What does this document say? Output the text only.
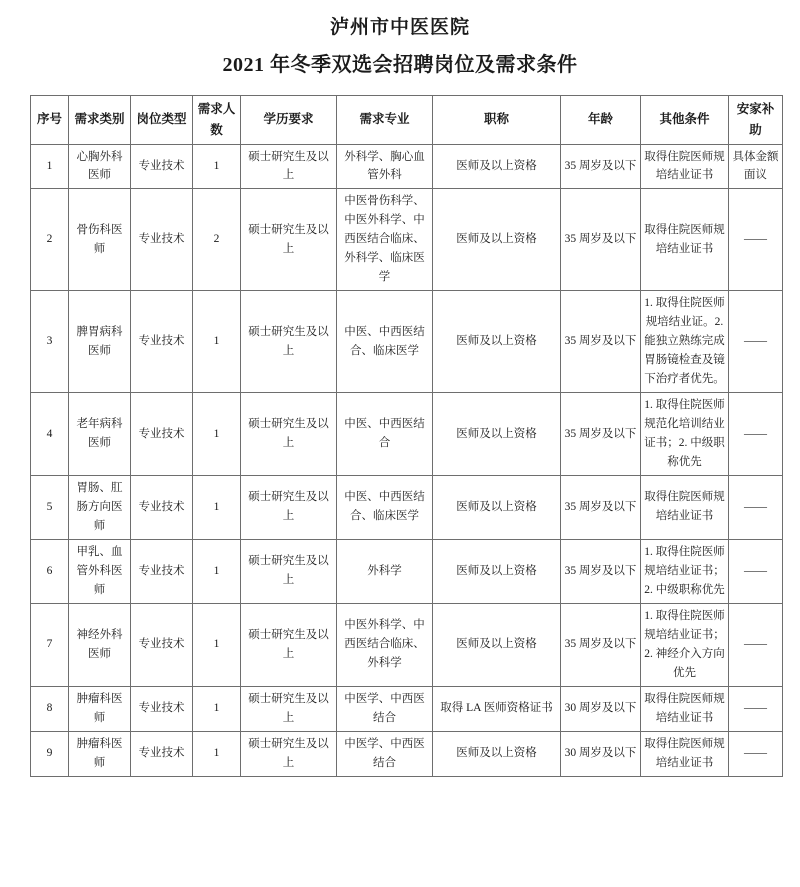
泸州市中医医院
2021 年冬季双选会招聘岗位及需求条件
序号	需求类别	岗位类型	需求人数	学历要求	需求专业	职称	年龄	其他条件	安家补助
1	心胸外科医师	专业技术	1	硕士研究生及以上	外科学、胸心血管外科	医师及以上资格	35 周岁及以下	取得住院医师规培结业证书	具体金额面议
2	骨伤科医师	专业技术	2	硕士研究生及以上	中医骨伤科学、中医外科学、中西医结合临床、外科学、临床医学	医师及以上资格	35 周岁及以下	取得住院医师规培结业证书	——
3	脾胃病科医师	专业技术	1	硕士研究生及以上	中医、中西医结合、临床医学	医师及以上资格	35 周岁及以下	1. 取得住院医师规培结业证。2. 能独立熟练完成胃肠镜检查及镜下治疗者优先。	——
4	老年病科医师	专业技术	1	硕士研究生及以上	中医、中西医结合	医师及以上资格	35 周岁及以下	1. 取得住院医师规范化培训结业证书；2. 中级职称优先	——
5	胃肠、肛肠方向医师	专业技术	1	硕士研究生及以上	中医、中西医结合、临床医学	医师及以上资格	35 周岁及以下	取得住院医师规培结业证书	——
6	甲乳、血管外科医师	专业技术	1	硕士研究生及以上	外科学	医师及以上资格	35 周岁及以下	1. 取得住院医师规培结业证书；2. 中级职称优先	——
7	神经外科医师	专业技术	1	硕士研究生及以上	中医外科学、中西医结合临床、外科学	医师及以上资格	35 周岁及以下	1. 取得住院医师规培结业证书；2. 神经介入方向优先	——
8	肿瘤科医师	专业技术	1	硕士研究生及以上	中医学、中西医结合	取得 LA 医师资格证书	30 周岁及以下	取得住院医师规培结业证书	——
9	肿瘤科医师	专业技术	1	硕士研究生及以上	中医学、中西医结合	医师及以上资格	30 周岁及以下	取得住院医师规培结业证书	——
